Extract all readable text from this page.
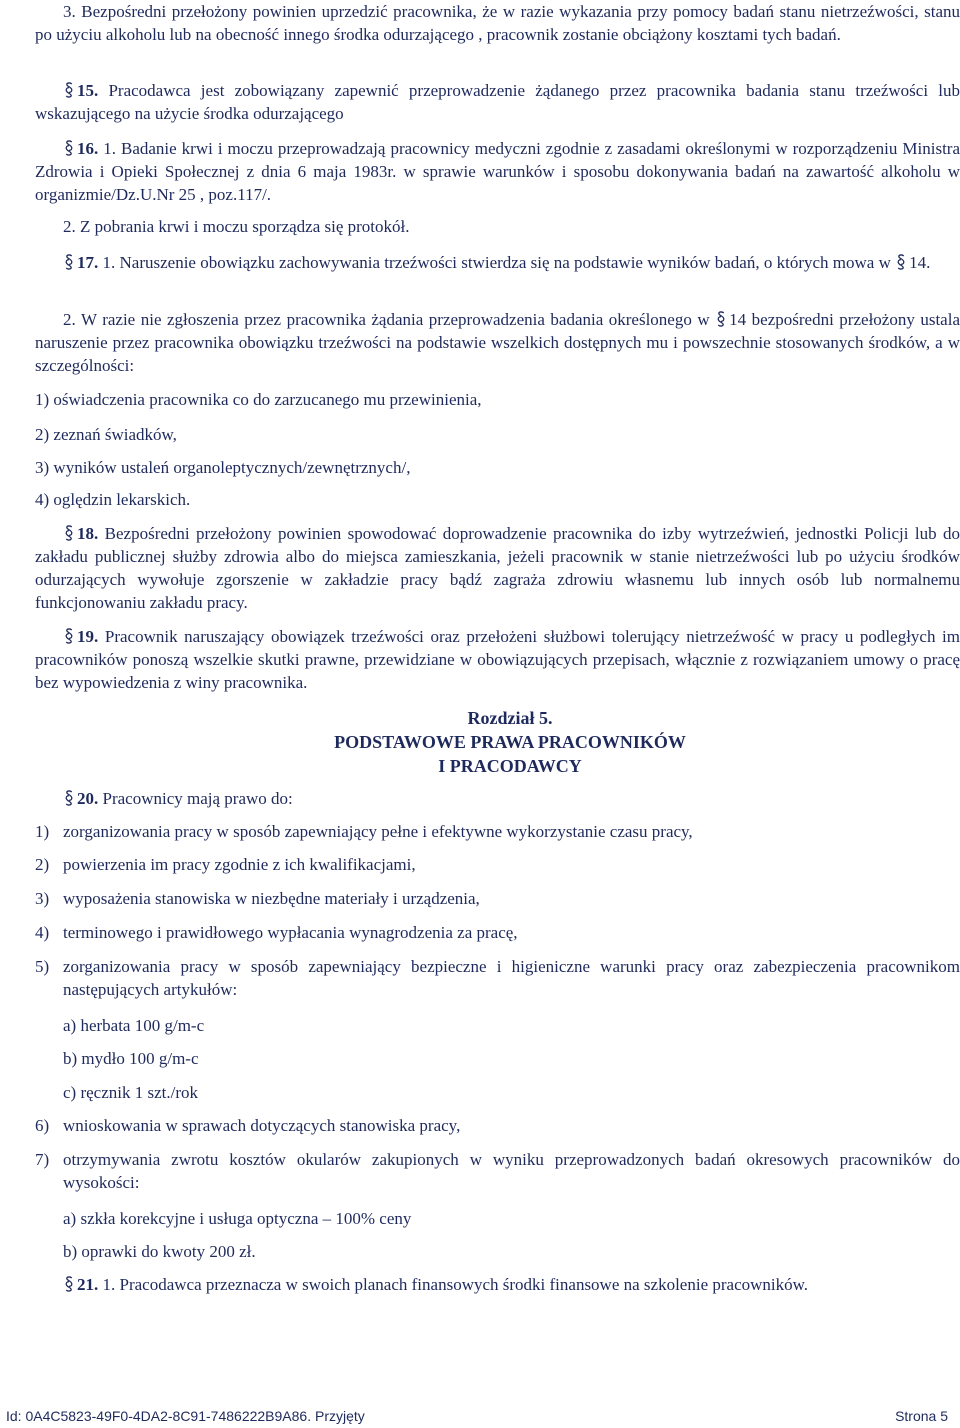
3. Bezpośredni przełożony powinien uprzedzić pracownika, że w razie wykazania przy pomocy badań stanu nietrzeźwości, stanu po użyciu alkoholu lub na obecność innego środka odurzającego , pracownik zostanie obciążony kosztami tych badań.

15. Pracodawca jest zobowiązany zapewnić przeprowadzenie żądanego przez pracownika badania stanu trzeźwości lub wskazującego na użycie środka odurzającego

16. 1. Badanie krwi i moczu przeprowadzają pracownicy medyczni zgodnie z zasadami określonymi w rozporządzeniu Ministra Zdrowia i Opieki Społecznej z dnia 6 maja 1983r. w sprawie warunków i sposobu dokonywania badań na zawartość alkoholu w organizmie/Dz.U.Nr 25 , poz.117/.

2. Z pobrania krwi i moczu sporządza się protokół.

17. 1. Naruszenie obowiązku zachowywania trzeźwości stwierdza się na podstawie wyników badań, o których mowa w 14.

2. W razie nie zgłoszenia przez pracownika żądania przeprowadzenia badania określonego w 14 bezpośredni przełożony ustala naruszenie przez pracownika obowiązku trzeźwości na podstawie wszelkich dostępnych mu i powszechnie stosowanych środków, a w szczególności:

1) oświadczenia pracownika co do zarzucanego mu przewinienia,
2) zeznań świadków,
3) wyników ustaleń organoleptycznych/zewnętrznych/,
4) oględzin lekarskich.

18. Bezpośredni przełożony powinien spowodować doprowadzenie pracownika do izby wytrzeźwień, jednostki Policji lub do zakładu publicznej służby zdrowia albo do miejsca zamieszkania, jeżeli pracownik w stanie nietrzeźwości lub po użyciu środków odurzających wywołuje zgorszenie w zakładzie pracy bądź zagraża zdrowiu własnemu lub innych osób lub normalnemu funkcjonowaniu zakładu pracy.

19. Pracownik naruszający obowiązek trzeźwości oraz przełożeni służbowi tolerujący nietrzeźwość w pracy u podległych im pracowników ponoszą wszelkie skutki prawne, przewidziane w obowiązujących przepisach, włącznie z rozwiązaniem umowy o pracę bez wypowiedzenia z winy pracownika.

Rozdział 5.
PODSTAWOWE PRAWA PRACOWNIKÓW
I PRACODAWCY

20. Pracownicy mają prawo do:

1) zorganizowania pracy w sposób zapewniający pełne i efektywne wykorzystanie czasu pracy,
2) powierzenia im pracy zgodnie z ich kwalifikacjami,
3) wyposażenia stanowiska w niezbędne materiały i urządzenia,
4) terminowego i prawidłowego wypłacania wynagrodzenia za pracę,
5) zorganizowania pracy w sposób zapewniający bezpieczne i higieniczne warunki pracy oraz zabezpieczenia pracownikom następujących artykułów:
a) herbata 100 g/m-c
b) mydło 100 g/m-c
c) ręcznik 1 szt./rok
6) wnioskowania w sprawach dotyczących stanowiska pracy,
7) otrzymywania zwrotu kosztów okularów zakupionych w wyniku przeprowadzonych badań okresowych pracowników do wysokości:
a) szkła korekcyjne i usługa optyczna – 100% ceny
b) oprawki do kwoty 200 zł.

21. 1. Pracodawca przeznacza w swoich planach finansowych środki finansowe na szkolenie pracowników.

Id: 0A4C5823-49F0-4DA2-8C91-7486222B9A86. Przyjęty	Strona 5
